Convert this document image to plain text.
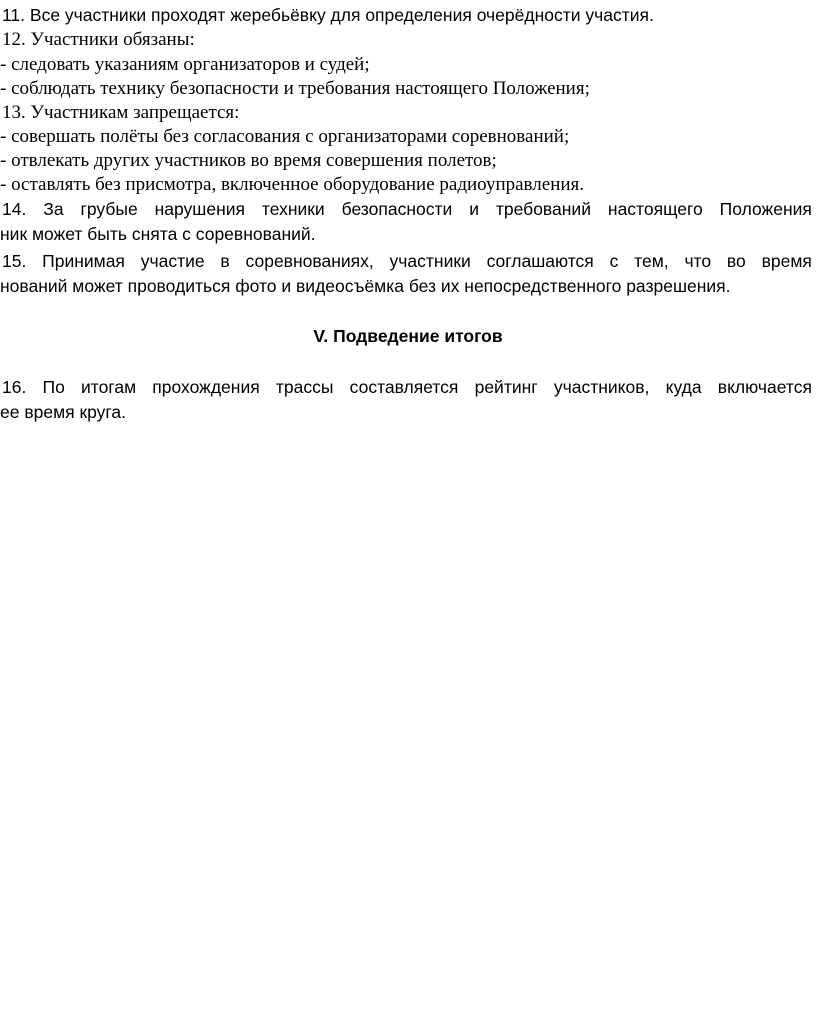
11. Все участники проходят жеребьёвку для определения очерёдности участия.
12. Участники обязаны:
- следовать указаниям организаторов и судей;
- соблюдать технику безопасности и требования настоящего Положения;
13. Участникам запрещается:
- совершать полёты без согласования с организаторами соревнований;
- отвлекать других участников во время совершения полетов;
- оставлять без присмотра, включенное оборудование радиоуправления.
14. За грубые нарушения техники безопасности и требований настоящего Положения
ник может быть снята с соревнований.
15. Принимая участие в соревнованиях, участники соглашаются с тем, что во время
нований может проводиться фото и видеосъёмка без их непосредственного разрешения.
V. Подведение итогов
16. По итогам прохождения трассы составляется рейтинг участников, куда включается
ее время круга.
